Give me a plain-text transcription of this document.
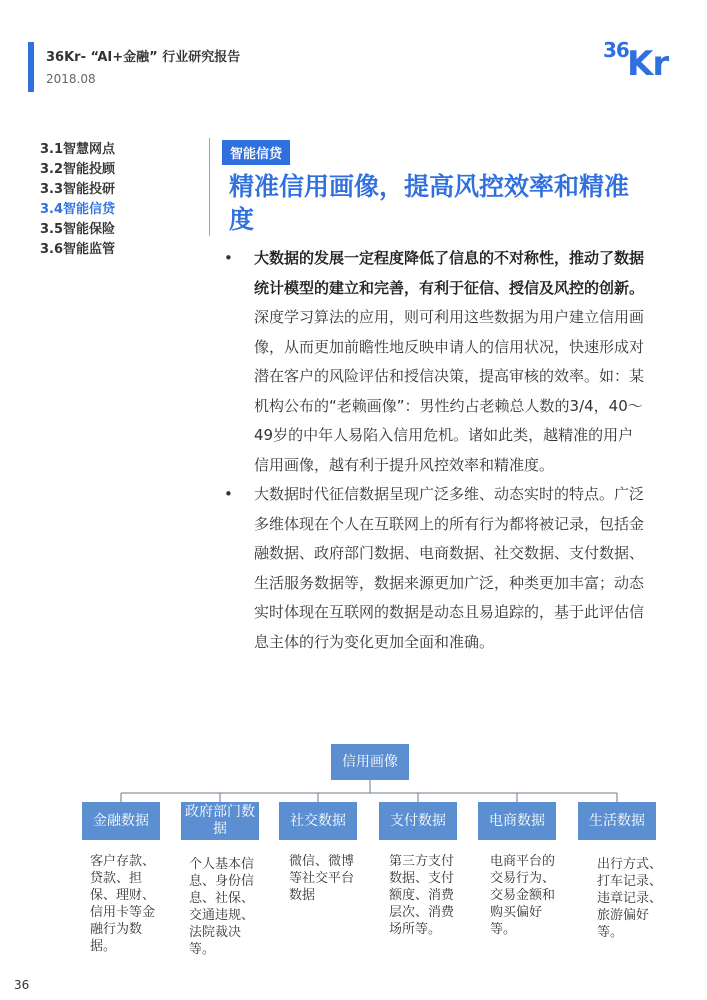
36Kr- “AI+金融” 行业研究报告
2018.08
36
Kr
3.1智慧网点
3.2智能投顾
3.3智能投研
3.4智能信贷
3.5智能保险
3.6智能监管
智能信贷
精准信用画像，提高风控效率和精准度
• 大数据的发展一定程度降低了信息的不对称性，推动了数据统计模型的建立和完善，有利于征信、授信及风控的创新。深度学习算法的应用，则可利用这些数据为用户建立信用画像，从而更加前瞻性地反映申请人的信用状况，快速形成对潜在客户的风险评估和授信决策，提高审核的效率。如：某机构公布的“老赖画像”：男性约占老赖总人数的3/4，40～49岁的中年人易陷入信用危机。诸如此类，越精准的用户信用画像，越有利于提升风控效率和精准度。
• 大数据时代征信数据呈现广泛多维、动态实时的特点。广泛多维体现在个人在互联网上的所有行为都将被记录，包括金融数据、政府部门数据、电商数据、社交数据、支付数据、生活服务数据等，数据来源更加广泛，种类更加丰富；动态实时体现在互联网的数据是动态且易追踪的，基于此评估信息主体的行为变化更加全面和准确。
信用画像
金融数据
政府部门数据
社交数据	支付数据	电商数据	生活数据
客户存款、贷款、担保、理财、信用卡等金融行为数据。
个人基本信息、身份信息、社保、交通违规、法院裁决等。
微信、微博等社交平台数据
第三方支付数据、支付额度、消费层次、消费场所等。
电商平台的交易行为、交易金额和购买偏好等。
出行方式、打车记录、违章记录、旅游偏好等。
36
